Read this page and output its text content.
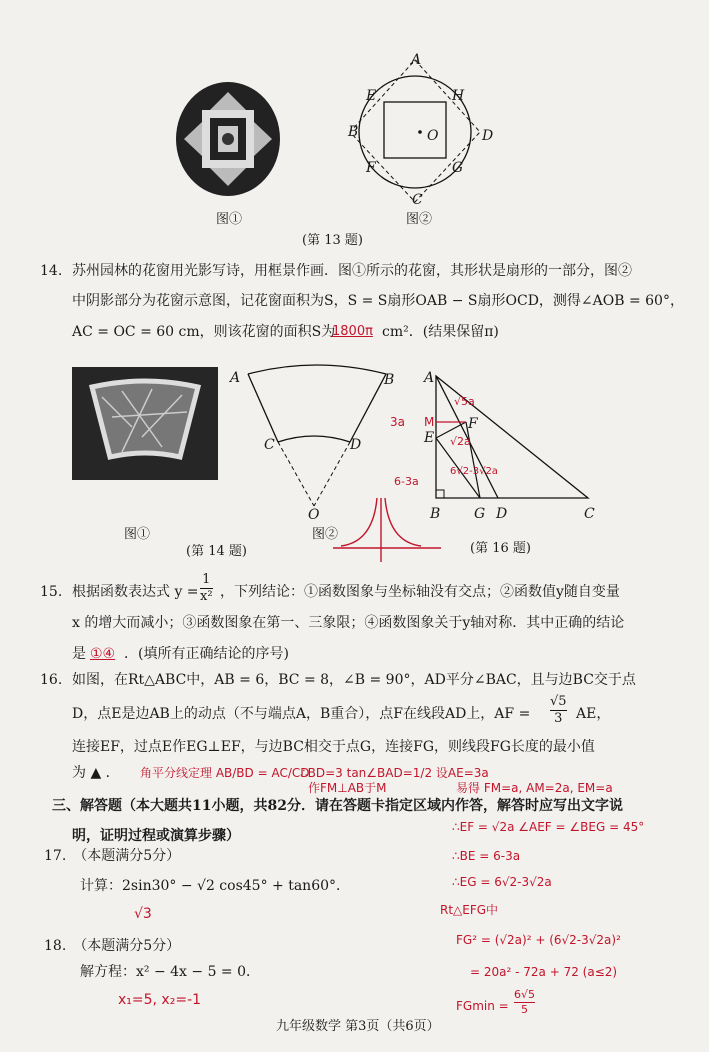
图①
A
E	H
B	O	D
F	G
C
图②
(第 13 题)
14. 苏州园林的花窗用光影写诗，用框景作画．图①所示的花窗，其形状是扇形的一部分，图②
中阴影部分为花窗示意图，记花窗面积为S，S = S扇形OAB − S扇形OCD，测得∠AOB = 60°，
AC = OC = 60 cm，则该花窗的面积S为
1800π cm²．(结果保留π)
图①
A	B
C	D
O
图②
(第 14 题)
A
F
E
B G D	C
M
√5a
√2a
3a
6-3a
6√2-3√2a
(第 16 题)
15. 根据函数表达式 $y = \frac{1}{\text{x²}}$ ，下列结论：①函数图象与坐标轴没有交点；②函数值y随自变量
x 的增大而减小；③函数图象在第一、三象限；④函数图象关于y轴对称．其中正确的结论
是 ①④ ．(填所有正确结论的序号)
16. 如图，在Rt△ABC中，AB = 6，BC = 8，∠B = 90°，AD平分∠BAC，且与边BC交于点
D，点E是边AB上的动点（不与端点A，B重合），点F在线段AD上，AF = $\frac{√5}{3}$ AE，
连接EF，过点E作EG⊥EF，与边BC相交于点G，连接FG，则线段FG长度的最小值
为 ▲ ． 角平分线定理 AB/BD = AC/CD
∴BD=3 tan∠BAD=1/2 设AE=3a
作FM⊥AB于M	易得 FM=a, AM=2a, EM=a
三、解答题（本大题共11小题，共82分．请在答题卡指定区域内作答，解答时应写出文字说
明，证明过程或演算步骤）
∴EF = √2a ∠AEF = ∠BEG = 45°
∴BE = 6-3a
∴EG = 6√2-3√2a
Rt△EFG中
FG² = (√2a)² + (6√2-3√2a)²
= 20a² - 72a + 72 (a≤2)
$FGmin = \frac{6√5}{5}$
17.　（本题满分5分）
计算：2sin30° − √2 cos45° + tan60°．
√3
18.　（本题满分5分）
解方程：x² − 4x − 5 = 0．
x₁=5, x₂=-1
九年级数学 第3页（共6页）
